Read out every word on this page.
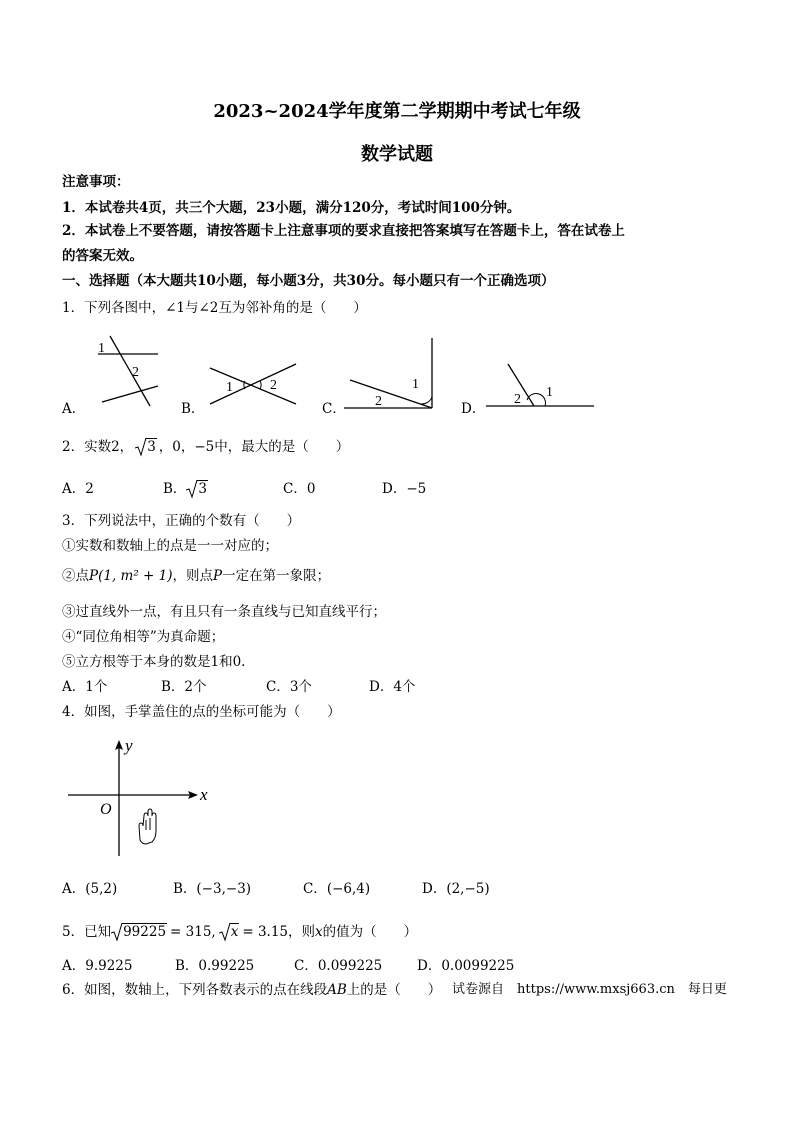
2023~2024学年度第二学期期中考试七年级
数学试题
注意事项：
1．本试卷共4页，共三个大题，23小题，满分120分，考试时间100分钟。
2．本试卷上不要答题，请按答题卡上注意事项的要求直接把答案填写在答题卡上，答在试卷上
的答案无效。
一、选择题（本大题共10小题，每小题3分，共30分。每小题只有一个正确选项）
1．下列各图中，∠1与∠2互为邻补角的是（　　）
1
2
1	2	1
2
1
2
A．	B．	C．	D．
2．实数2， 3 ，0，−5中，最大的是（　　）
A．2	B． 3	C．0	D．−5
3．下列说法中，正确的个数有（　　）
①实数和数轴上的点是一一对应的；
②点P(1, m² + 1)，则点P一定在第一象限；
③过直线外一点，有且只有一条直线与已知直线平行；
④“同位角相等”为真命题；
⑤立方根等于本身的数是1和0.
A．1个	B．2个	C．3个	D．4个
4．如图，手掌盖住的点的坐标可能为（　　）
x
y
O
A．(5,2)	B．(−3,−3)	C．(−6,4)	D．(2,−5)
5．已知 99225 = 315, x = 3.15，则x的值为（　　）
A．9.9225	B．0.99225	C．0.099225	D．0.0099225
6．如图，数轴上，下列各数表示的点在线段AB上的是（　　） 试卷源自　https://www.mxsj663.cn　每日更
